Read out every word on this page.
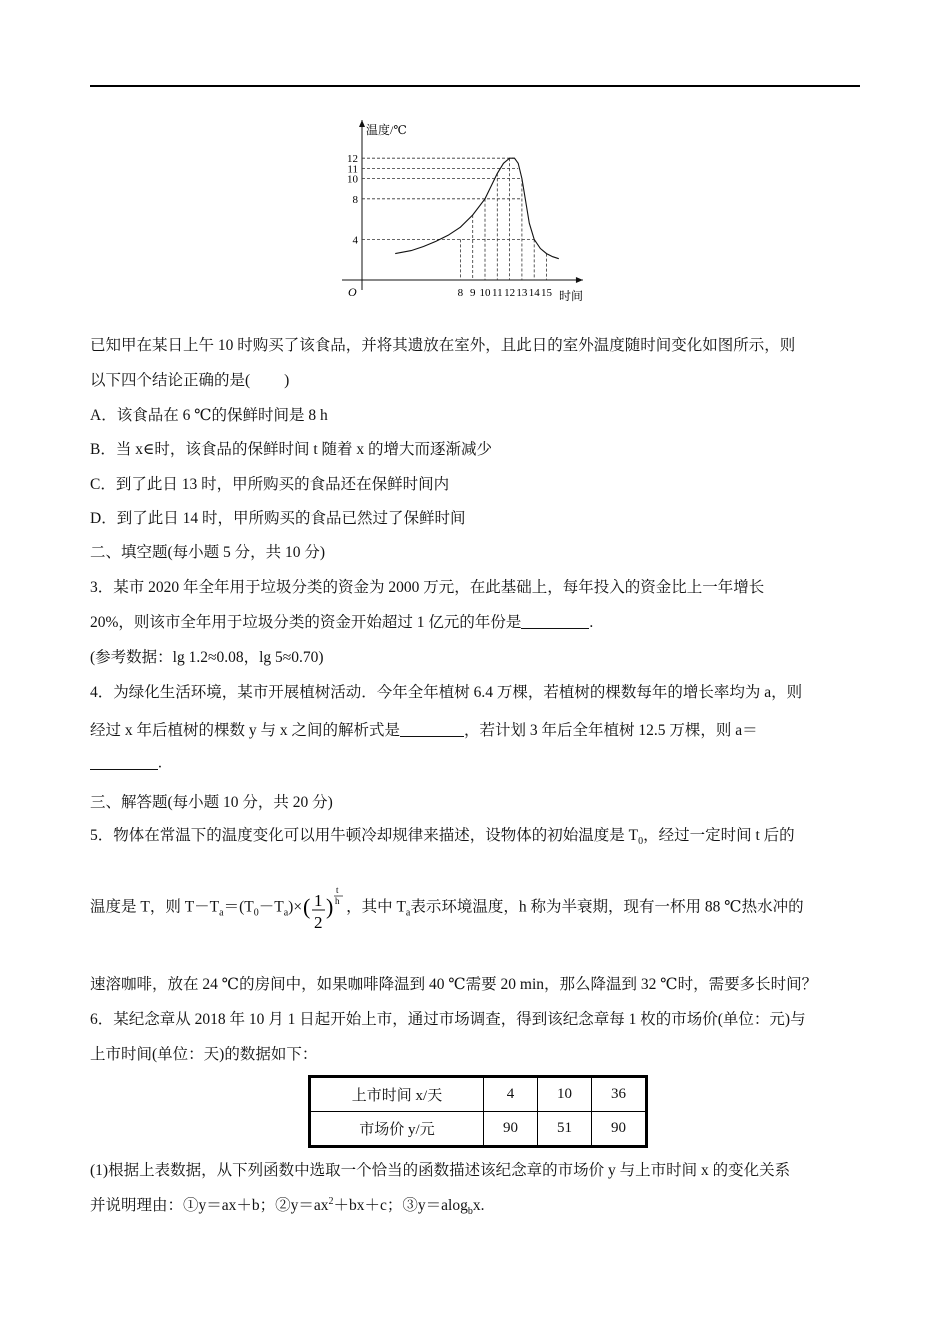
温度/℃
时间
O
4
8
10
11
12
8 9 10 11 12 13 14 15
已知甲在某日上午 10 时购买了该食品，并将其遗放在室外，且此日的室外温度随时间变化如图所示，则
以下四个结论正确的是( )
A．该食品在 6 ℃的保鲜时间是 8 h
B．当 x∈时，该食品的保鲜时间 t 随着 x 的增大而逐渐减少
C．到了此日 13 时，甲所购买的食品还在保鲜时间内
D．到了此日 14 时，甲所购买的食品已然过了保鲜时间
二、填空题(每小题 5 分，共 10 分)
3．某市 2020 年全年用于垃圾分类的资金为 2000 万元，在此基础上，每年投入的资金比上一年增长
20%，则该市全年用于垃圾分类的资金开始超过 1 亿元的年份是	.
(参考数据：lg 1.2≈0.08，lg 5≈0.70)
4．为绿化生活环境，某市开展植树活动．今年全年植树 6.4 万棵，若植树的棵数每年的增长率均为 a，则
经过 x 年后植树的棵数 y 与 x 之间的解析式是	，若计划 3 年后全年植树 12.5 万棵，则 a＝
.
三、解答题(每小题 10 分，共 20 分)
5．物体在常温下的温度变化可以用牛顿冷却规律来描述，设物体的初始温度是 $T_0$，经过一定时间 t 后的
温度是 T，则 $T-T_a=(T_0-T_a)\times$ ( 1
2
)
t
h ，其中 $T_a$表示环境温度，h 称为半衰期，现有一杯用 88 ℃热水冲的
速溶咖啡，放在 24 ℃的房间中，如果咖啡降温到 40 ℃需要 20 min，那么降温到 32 ℃时，需要多长时间？
6．某纪念章从 2018 年 10 月 1 日起开始上市，通过市场调查，得到该纪念章每 1 枚的市场价(单位：元)与
上市时间(单位：天)的数据如下：
上市时间 x/天	4	10	36
市场价 y/元	90	51	90
(1)根据上表数据，从下列函数中选取一个恰当的函数描述该纪念章的市场价 y 与上市时间 x 的变化关系
并说明理由：①y＝ax＋b；$②y=ax^2+bx+c$；③y＝alog$_b$x.
